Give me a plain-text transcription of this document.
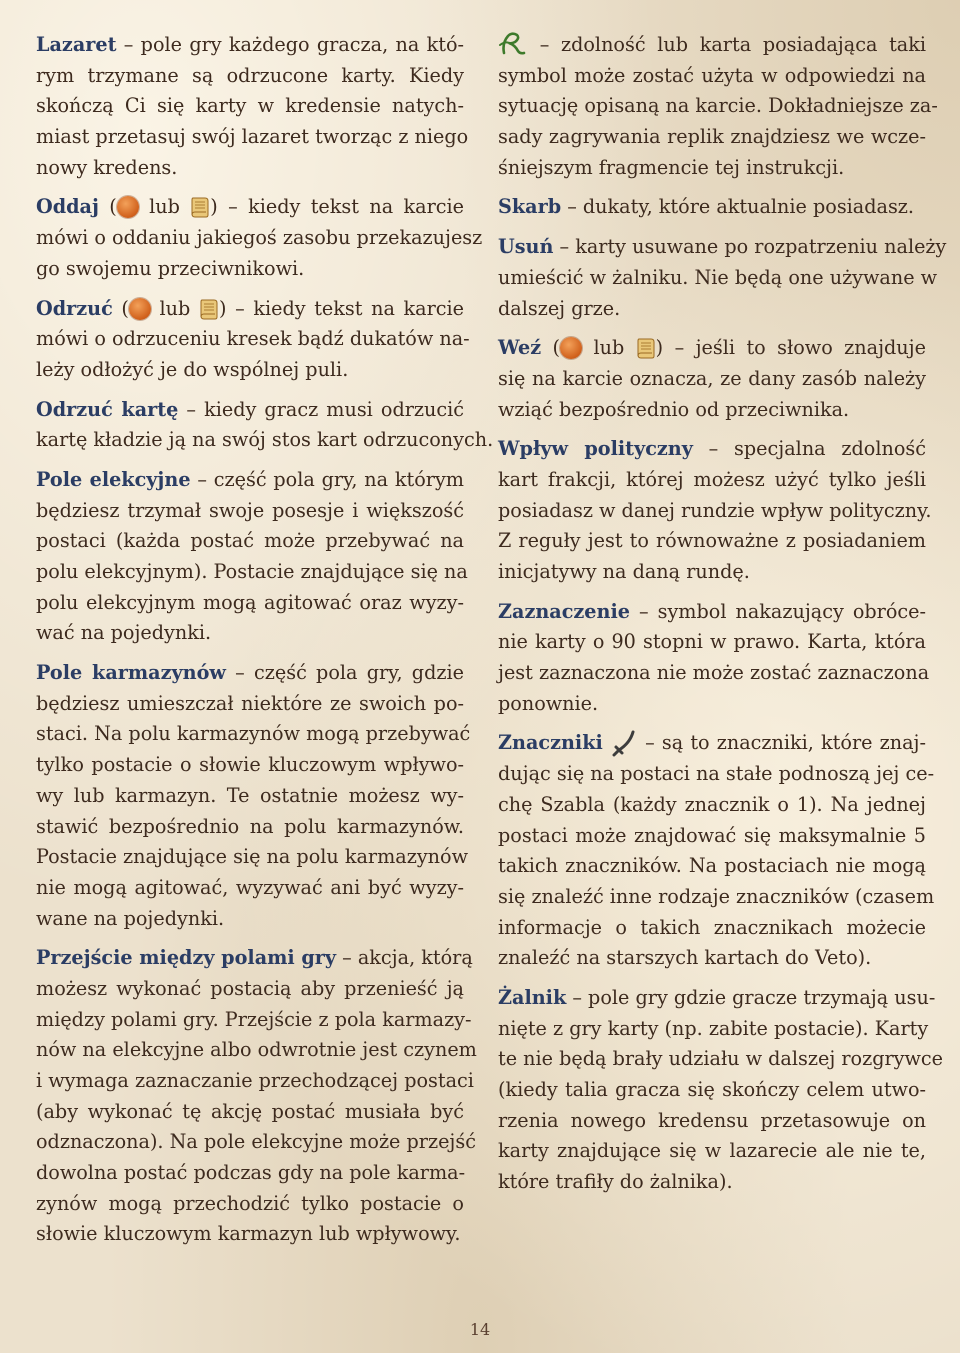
Lazaret – pole gry każdego gracza, na któ-
rym trzymane są odrzucone karty. Kiedy
skończą Ci się karty w kredensie natych-
miast przetasuj swój lazaret tworząc z niego
nowy kredens.
Oddaj ( lub ) – kiedy tekst na karcie
mówi o oddaniu jakiegoś zasobu przekazujesz
go swojemu przeciwnikowi.
Odrzuć ( lub ) – kiedy tekst na karcie
mówi o odrzuceniu kresek bądź dukatów na-
leży odłożyć je do wspólnej puli.
Odrzuć kartę – kiedy gracz musi odrzucić
kartę kładzie ją na swój stos kart odrzuconych.
Pole elekcyjne – część pola gry, na którym
będziesz trzymał swoje posesje i większość
postaci (każda postać może przebywać na
polu elekcyjnym). Postacie znajdujące się na
polu elekcyjnym mogą agitować oraz wyzy-
wać na pojedynki.
Pole karmazynów – część pola gry, gdzie
będziesz umieszczał niektóre ze swoich po-
staci. Na polu karmazynów mogą przebywać
tylko postacie o słowie kluczowym wpływo-
wy lub karmazyn. Te ostatnie możesz wy-
stawić bezpośrednio na polu karmazynów.
Postacie znajdujące się na polu karmazynów
nie mogą agitować, wyzywać ani być wyzy-
wane na pojedynki.
Przejście między polami gry – akcja, którą
możesz wykonać postacią aby przenieść ją
między polami gry. Przejście z pola karmazy-
nów na elekcyjne albo odwrotnie jest czynem
i wymaga zaznaczanie przechodzącej postaci
(aby wykonać tę akcję postać musiała być
odznaczona). Na pole elekcyjne może przejść
dowolna postać podczas gdy na pole karma-
zynów mogą przechodzić tylko postacie o
słowie kluczowym karmazyn lub wpływowy.
– zdolność lub karta posiadająca taki
symbol może zostać użyta w odpowiedzi na
sytuację opisaną na karcie. Dokładniejsze za-
sady zagrywania replik znajdziesz we wcze-
śniejszym fragmencie tej instrukcji.
Skarb – dukaty, które aktualnie posiadasz.
Usuń – karty usuwane po rozpatrzeniu należy
umieścić w żalniku. Nie będą one używane w
dalszej grze.
Weź ( lub ) – jeśli to słowo znajduje
się na karcie oznacza, ze dany zasób należy
wziąć bezpośrednio od przeciwnika.
Wpływ polityczny – specjalna zdolność
kart frakcji, której możesz użyć tylko jeśli
posiadasz w danej rundzie wpływ polityczny.
Z reguły jest to równoważne z posiadaniem
inicjatywy na daną rundę.
Zaznaczenie – symbol nakazujący obróce-
nie karty o 90 stopni w prawo. Karta, która
jest zaznaczona nie może zostać zaznaczona
ponownie.
Znaczniki  – są to znaczniki, które znaj-
dując się na postaci na stałe podnoszą jej ce-
chę Szabla (każdy znacznik o 1). Na jednej
postaci może znajdować się maksymalnie 5
takich znaczników. Na postaciach nie mogą
się znaleźć inne rodzaje znaczników (czasem
informacje o takich znacznikach możecie
znaleźć na starszych kartach do Veto).
Żalnik – pole gry gdzie gracze trzymają usu-
nięte z gry karty (np. zabite postacie). Karty
te nie będą brały udziału w dalszej rozgrywce
(kiedy talia gracza się skończy celem utwo-
rzenia nowego kredensu przetasowuje on
karty znajdujące się w lazarecie ale nie te,
które trafiły do żalnika).
14
